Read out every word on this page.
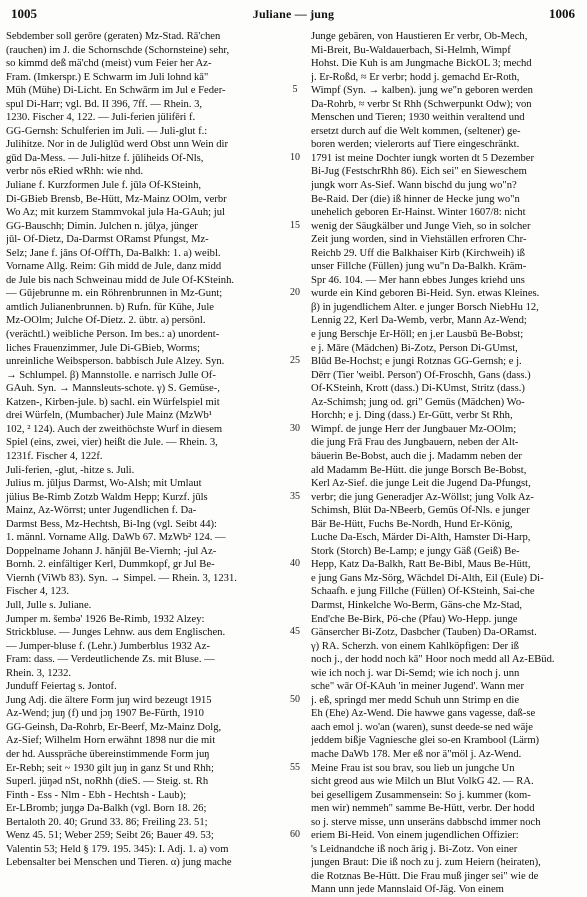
1005	Juliane — jung	1006
Sebdember soll gerōre (geraten) Mz-Stad. Rā'chen
(rauchen) im J. die Schornschde (Schornsteine) sehr,
so kimmd deß mä'chd (meist) vum Feier her Az-
Fram. (Imkerspr.) E Schwarm im Juli lohnd kā"
Müh (Mühe) Di-Licht. En Schwārm im Jul e Feder-
spul Di-Harr; vgl. Bd. II 396, 7ff. — Rhein. 3,
1230. Fischer 4, 122. — Juli-ferien jülifēri f.
GG-Gernsh: Schulferien im Juli. — Juli-glut f.:
Julihitze. Nor in de Juliglūd werd Obst unn Wein dir
gūd Da-Mess. — Juli-hitze f. jūliheids Of-Nls,
verbr nös eRied wRhh: wie nhd.
Juliane f. Kurzformen Jule f. jūlə Of-KSteinh,
Di-GBieb Brensb, Be-Hütt, Mz-Mainz OOlm, verbr
Wo Az; mit kurzem Stammvokal julə Ha-GAuh; jul
GG-Bauschh; Dimin. Julchen n. jūlχə, jünger
jūl- Of-Dietz, Da-Darmst ORamst Pfungst, Mz-
Selz; Jane f. jāns Of-OffTh, Da-Balkh: 1. a) weibl.
Vorname Allg. Reim: Gih midd de Jule, danz midd
de Jule bis nach Schweinau midd de Jule Of-KSteinh.
— Gūjebrunne m. ein Röhrenbrunnen in Mz-Gunt;
amtlich Julianenbrunnen. b) Rufn. für Kühe, Jule
Mz-OOlm; Julche Of-Dietz. 2. übtr. a) persönl.
(verächtl.) weibliche Person. Im bes.: a) unordent-
liches Frauenzimmer, Jule Di-GBieb, Worms;
unreinliche Weibsperson. babbisch Jule Alzey. Syn.
→ Schlumpel. β) Mannstolle. e narrisch Julle Of-
GAuh. Syn. → Mannsleuts-schote. γ) S. Gemüse-,
Katzen-, Kirben-jule. b) sachl. ein Würfelspiel mit
drei Würfeln, (Mumbacher) Jule Mainz (MzWb¹
102, ² 124). Auch der zweithöchste Wurf in diesem
Spiel (eins, zwei, vier) heißt die Jule. — Rhein. 3,
1231f. Fischer 4, 122f.
Juli-ferien, -glut, -hitze s. Juli.
Julius m. jūljus Darmst, Wo-Alsh; mit Umlaut
jülius Be-Rimb Zotzb Waldm Hepp; Kurzf. jūls
Mainz, Az-Wörrst; unter Jugendlichen f. Da-
Darmst Bess, Mz-Hechtsh, Bi-Ing (vgl. Seibt 44):
1. männl. Vorname Allg. DaWb 67. MzWb² 124. —
Doppelname Johann J. hānjūl Be-Viernh; -jul Az-
Bornh. 2. einfältiger Kerl, Dummkopf, gr Jul Be-
Viernh (ViWb 83). Syn. → Simpel. — Rhein. 3, 1231.
Fischer 4, 123.
Jull, Julle s. Juliane.
Jumper m. šembə' 1926 Be-Rimb, 1932 Alzey:
Strickbluse. — Junges Lehnw. aus dem Englischen.
— Jumper-bluse f. (Lehr.) Jumberblus 1932 Az-
Fram: dass. — Verdeutlichende Zs. mit Bluse. —
Rhein. 3, 1232.
Junduff Feiertag s. Jontof.
Jung Adj. die ältere Form juŋ wird bezeugt 1915
Az-Wend; juŋ (f) und jɔŋ 1907 Be-Fürth, 1910
GG-Geinsh, Da-Rohrb, Er-Beerf, Mz-Mainz Dolg,
Az-Sief; Wilhelm Horn erwähnt 1898 nur die mit
der hd. Ausspräche übereinstimmende Form juŋ
Er-Rebh; seit ~ 1930 gilt juŋ in ganz St und Rhh;
Superl. jüŋəd nSt, noRhh (dieS. — Steig. st. Rh
Finth - Ess - Nlm - Ebh - Hechtsh - Laub);
Er-LBromb; juŋgǝ Da-Balkh (vgl. Born 18. 26;
Bertaloth 20. 40; Grund 33. 86; Freiling 23. 51;
Wenz 45. 51; Weber 259; Seibt 26; Bauer 49. 53;
Valentin 53; Held § 179. 195. 345): I. Adj. 1. a) vom
Lebensalter bei Menschen und Tieren. α) jung mache
5
10
15
20
25
30
35
40
45
50
55
60
Junge gebären, von Haustieren Er verbr, Ob-Mech,
Mi-Breit, Bu-Waldauerbach, Si-Helmh, Wimpf
Hohst. Die Kuh is am Jungmache BickOL 3; mechd
j. Er-Roßd, ≈ Er verbr; hodd j. gemachd Er-Roth,
Wimpf (Syn. → kalben). jung we"n geboren werden
Da-Rohrb, ≈ verbr St Rhh (Schwerpunkt Odw); von
Menschen und Tieren; 1930 weithin veraltend und
ersetzt durch auf die Welt kommen, (seltener) ge-
boren werden; vielerorts auf Tiere eingeschränkt.
1791 ist meine Dochter iungk worten dt 5 Dezember
Bi-Jug (FestschrRhh 86). Eich sei" en Sieweschem
jungk worr As-Sief. Wann bischd du jung wo"n?
Be-Raid. Der (die) iß hinner de Hecke jung wo"n
unehelich geboren Er-Hainst. Winter 1607/8: nicht
wenig der Säugkälber und Junge Vieh, so in solcher
Zeit jung worden, sind in Viehställen erfroren Chr-
Reichb 29. Uff die Balkhaiser Kirb (Kirchweih) iß
unser Fillche (Füllen) jung wu"n Da-Balkh. Kräm-
Spr 46. 104. — Mer hann ebbes Junges kriehd uns
wurde ein Kind geboren Bi-Heid. Syn. etwas Kleines.
β) in jugendlichem Alter. e junger Borsch NiebHu 12,
Lennig 22, Kerl Da-Wemb, verbr, Mann Az-Wend;
e jung Berschje Er-Höll; en j.er Lausbū Be-Bobst;
e j. Māre (Mädchen) Bi-Zotz, Person Di-GUmst,
Blūd Be-Hochst; e jungi Rotznas GG-Gernsh; e j.
Dērr (Tier 'weibl. Person') Of-Froschh, Gans (dass.)
Of-KSteinh, Krott (dass.) Di-KUmst, Stritz (dass.)
Az-Schimsh; jung od. gri" Gemüs (Mädchen) Wo-
Horchh; e j. Ding (dass.) Er-Gütt, verbr St Rhh,
Wimpf. de junge Herr der Jungbauer Mz-OOlm;
die jung Frā Frau des Jungbauern, neben der Alt-
bäuerin Be-Bobst, auch die j. Madamm neben der
ald Madamm Be-Hütt. die junge Borsch Be-Bobst,
Kerl Az-Sief. die junge Leit die Jugend Da-Pfungst,
verbr; die jung Generadjer Az-Wöllst; jung Volk Az-
Schimsh, Blüt Da-NBeerb, Gemüs Of-Nls. e junger
Bär Be-Hütt, Fuchs Be-Nordh, Hund Er-König,
Luche Da-Esch, Märder Di-Alth, Hamster Di-Harp,
Stork (Storch) Be-Lamp; e jungy Gäß (Geiß) Be-
Hepp, Katz Da-Balkh, Ratt Be-Bibl, Maus Be-Hütt,
e jung Gans Mz-Sörg, Wāchdel Di-Alth, Eil (Eule) Di-
Schaafh. e jung Fillche (Füllen) Of-KSteinh, Sai-che
Darmst, Hinkelche Wo-Berm, Gäns-che Mz-Stad,
End'che Be-Birk, Pö-che (Pfau) Wo-Hepp. junge
Gänsercher Bi-Zotz, Dasbcher (Tauben) Da-ORamst.
γ) RA. Scherzh. von einem Kahlköpfigen: Der iß
noch j., der hodd noch kā" Hoor noch medd all Az-EBüd.
wie ich noch j. war Di-Semd; wie ich noch j. unn
sche" wār Of-KAuh 'in meiner Jugend'. Wann mer
j. eß, springd mer medd Schuh unn Strimp en die
Eh (Ehe) Az-Wend. Die hawwe gans vagesse, daß-se
aach emol j. wo'an (waren), sunst deede-se ned wäje
jeddem bißje Vagniesche glei so-en Krambool (Lärm)
mache DaWb 178. Mer eß nor ä"möl j. Az-Wend.
Meine Frau ist sou brav, sou lieb un jungche Un
sicht greod aus wie Milch un Blut VolkG 42. — RA.
bei geselligem Zusammensein: So j. kummer (kom-
men wir) nemmeh" samme Be-Hütt, verbr. Der hodd
so j. sterve misse, unn unseräns dabbschd immer noch
eriem Bi-Heid. Von einem jugendlichen Offizier:
's Leidnandche iß noch ārig j. Bi-Zotz. Von einer
jungen Braut: Die iß noch zu j. zum Heiern (heiraten),
die Rotznas Be-Hütt. Die Frau muß jinger sei" wie de
Mann unn jede Mannslaid Of-Jäg. Von einem
